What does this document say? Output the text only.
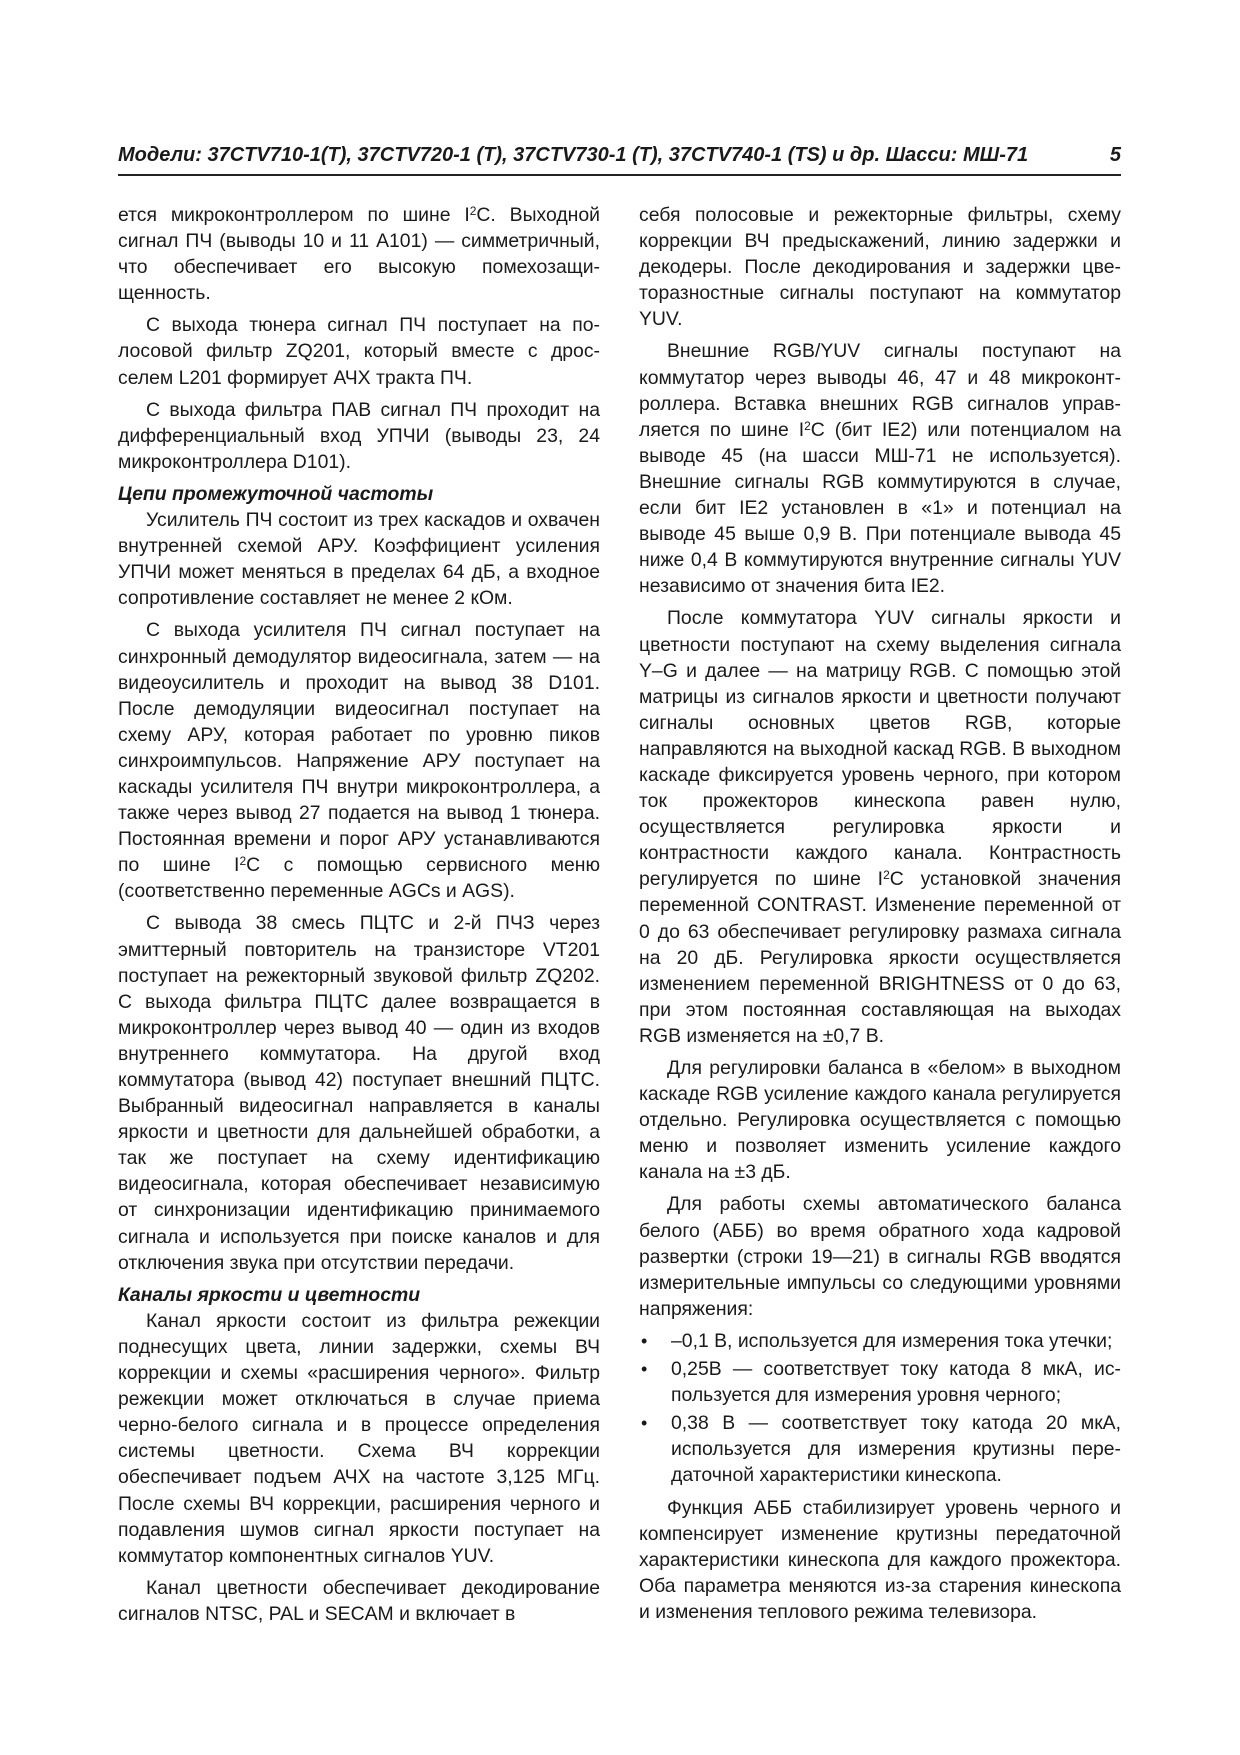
Модели: 37CTV710-1(T), 37CTV720-1 (T), 37CTV730-1 (T), 37CTV740-1 (TS) и др. Шасси: МШ-71	5

ется микроконтроллером по шине $I^2C$. Выходной сигнал ПЧ (выводы 10 и 11 А101) — симметричный, что обеспечивает его высокую помехозащищенность.

С выхода тюнера сигнал ПЧ поступает на полосовой фильтр ZQ201, который вместе с дросселем L201 формирует АЧХ тракта ПЧ.

С выхода фильтра ПАВ сигнал ПЧ проходит на дифференциальный вход УПЧИ (выводы 23, 24 микроконтроллера D101).

Цепи промежуточной частоты

Усилитель ПЧ состоит из трех каскадов и охвачен внутренней схемой АРУ. Коэффициент усиления УПЧИ может меняться в пределах 64 дБ, а входное сопротивление составляет не менее 2 кОм.

С выхода усилителя ПЧ сигнал поступает на синхронный демодулятор видеосигнала, затем — на видеоусилитель и проходит на вывод 38 D101. После демодуляции видеосигнал поступает на схему АРУ, которая работает по уровню пиков синхроимпульсов. Напряжение АРУ поступает на каскады усилителя ПЧ внутри микроконтроллера, а также через вывод 27 подается на вывод 1 тюнера. Постоянная времени и порог АРУ устанавливаются по шине $I^2C$ с помощью сервисного меню (соответственно переменные AGCs и AGS).

С вывода 38 смесь ПЦТС и 2-й ПЧЗ через эмиттерный повторитель на транзисторе VT201 поступает на режекторный звуковой фильтр ZQ202. С выхода фильтра ПЦТС далее возвращается в микроконтроллер через вывод 40 — один из входов внутреннего коммутатора. На другой вход коммутатора (вывод 42) поступает внешний ПЦТС. Выбранный видеосигнал направляется в каналы яркости и цветности для дальнейшей обработки, а так же поступает на схему идентификацию видеосигнала, которая обеспечивает независимую от синхронизации идентификацию принимаемого сигнала и используется при поиске каналов и для отключения звука при отсутствии передачи.

Каналы яркости и цветности

Канал яркости состоит из фильтра режекции поднесущих цвета, линии задержки, схемы ВЧ коррекции и схемы «расширения черного». Фильтр режекции может отключаться в случае приема черно-белого сигнала и в процессе определения системы цветности. Схема ВЧ коррекции обеспечивает подъем АЧХ на частоте 3,125 МГц. После схемы ВЧ коррекции, расширения черного и подавления шумов сигнал яркости поступает на коммутатор компонентных сигналов YUV.

Канал цветности обеспечивает декодирование сигналов NTSC, PAL и SECAM и включает в

себя полосовые и режекторные фильтры, схему коррекции ВЧ предыскажений, линию задержки и декодеры. После декодирования и задержки цветоразностные сигналы поступают на коммутатор YUV.

Внешние RGB/YUV сигналы поступают на коммутатор через выводы 46, 47 и 48 микроконтроллера. Вставка внешних RGB сигналов управляется по шине $I^2C$ (бит IE2) или потенциалом на выводе 45 (на шасси МШ-71 не используется). Внешние сигналы RGB коммутируются в случае, если бит IE2 установлен в «1» и потенциал на выводе 45 выше 0,9 В. При потенциале вывода 45 ниже 0,4 В коммутируются внутренние сигналы YUV независимо от значения бита IE2.

После коммутатора YUV сигналы яркости и цветности поступают на схему выделения сигнала Y–G и далее — на матрицу RGB. С помощью этой матрицы из сигналов яркости и цветности получают сигналы основных цветов RGB, которые направляются на выходной каскад RGB. В выходном каскаде фиксируется уровень черного, при котором ток прожекторов кинескопа равен нулю, осуществляется регулировка яркости и контрастности каждого канала. Контрастность регулируется по шине $I^2C$ установкой значения переменной CONTRAST. Изменение переменной от 0 до 63 обеспечивает регулировку размаха сигнала на 20 дБ. Регулировка яркости осуществляется изменением переменной BRIGHTNESS от 0 до 63, при этом постоянная составляющая на выходах RGB изменяется на ±0,7 В.

Для регулировки баланса в «белом» в выходном каскаде RGB усиление каждого канала регулируется отдельно. Регулировка осуществляется с помощью меню и позволяет изменить усиление каждого канала на ±3 дБ.

Для работы схемы автоматического баланса белого (АББ) во время обратного хода кадровой развертки (строки 19—21) в сигналы RGB вводятся измерительные импульсы со следующими уровнями напряжения:

• –0,1 В, используется для измерения тока утечки;
• 0,25В — соответствует току катода 8 мкА, используется для измерения уровня черного;
• 0,38 В — соответствует току катода 20 мкА, используется для измерения крутизны передаточной характеристики кинескопа.

Функция АББ стабилизирует уровень черного и компенсирует изменение крутизны передаточной характеристики кинескопа для каждого прожектора. Оба параметра меняются из-за старения кинескопа и изменения теплового режима телевизора.
